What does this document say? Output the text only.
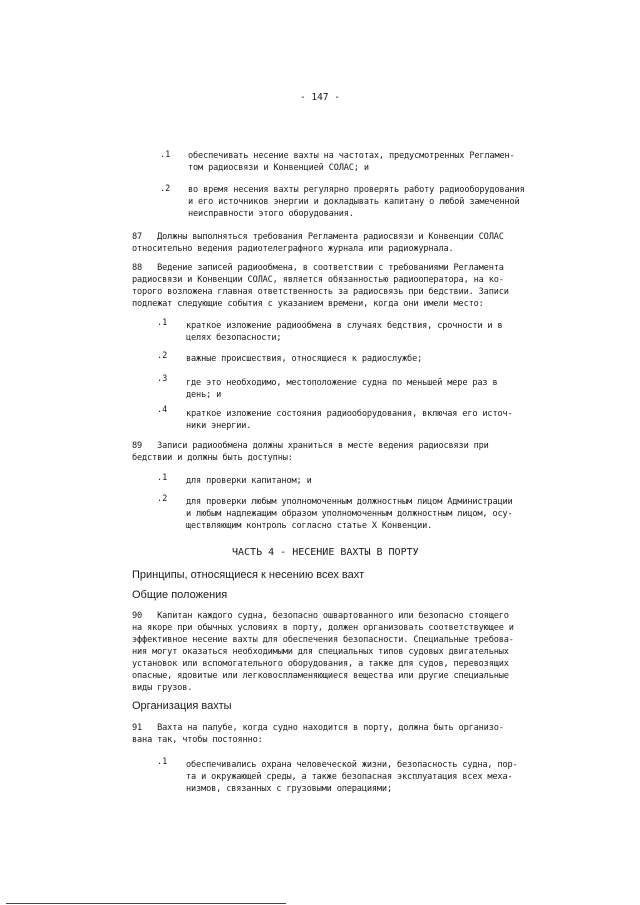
- 147 -
.1 обеспечивать несение вахты на частотах, предусмотренных Регламен-
том радиосвязи и Конвенцией СОЛАС; и
.2 во время несения вахты регулярно проверять работу радиооборудования
и его источников энергии и докладывать капитану о любой замеченной
неисправности этого оборудования.
87   Должны выполняться требования Регламента радиосвязи и Конвенции СОЛАС
относительно ведения радиотелеграфного журнала или радиожурнала.
88   Ведение записей радиообмена, в соответствии с требованиями Регламента
радиосвязи и Конвенции СОЛАС, является обязанностью радиооператора, на ко-
торого возложена главная ответственность за радиосвязь при бедствии. Записи
подлежат следующие события с указанием времени, когда они имели место:
.1 краткое изложение радиообмена в случаях бедствия, срочности и в
целях безопасности;
.2 важные происшествия, относящиеся к радиослужбе;
.3 где это необходимо, местоположение судна по меньшей мере раз в
день; и
.4 краткое изложение состояния радиооборудования, включая его источ-
ники энергии.
89   Записи радиообмена должны храниться в месте ведения радиосвязи при
бедствии и должны быть доступны:
.1 для проверки капитаном; и
.2 для проверки любым уполномоченным должностным лицом Администрации
и любым надлежащим образом уполномоченным должностным лицом, осу-
ществляющим контроль согласно статье X Конвенции.
ЧАСТЬ 4 - НЕСЕНИЕ ВАХТЫ В ПОРТУ
Принципы, относящиеся к несению всех вахт
Общие положения
90   Капитан каждого судна, безопасно ошвартованного или безопасно стоящего
на якоре при обычных условиях в порту, должен организовать соответствующее и
эффективное несение вахты для обеспечения безопасности. Специальные требова-
ния могут оказаться необходимыми для специальных типов судовых двигательных
установок или вспомогательного оборудования, а также для судов, перевозящих
опасные, ядовитые или легковоспламеняющиеся вещества или другие специальные
виды грузов.
Организация вахты
91   Вахта на палубе, когда судно находится в порту, должна быть организо-
вана так, чтобы постоянно:
.1 обеспечивались охрана человеческой жизни, безопасность судна, пор-
та и окружающей среды, а также безопасная эксплуатация всех меха-
низмов, связанных с грузовыми операциями;
